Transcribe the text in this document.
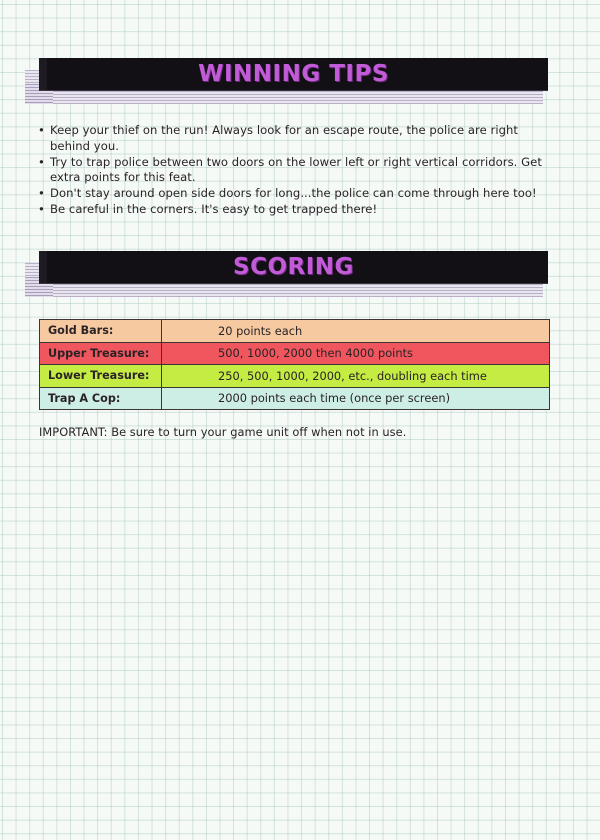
WINNING TIPS
• Keep your thief on the run! Always look for an escape route, the police are right behind you.
• Try to trap police between two doors on the lower left or right vertical corridors. Get extra points for this feat.
• Don't stay around open side doors for long...the police can come through here too!
• Be careful in the corners. It's easy to get trapped there!
SCORING
Gold Bars:	20 points each
Upper Treasure:	500, 1000, 2000 then 4000 points
Lower Treasure:	250, 500, 1000, 2000, etc., doubling each time
Trap A Cop:	2000 points each time (once per screen)
IMPORTANT: Be sure to turn your game unit off when not in use.
